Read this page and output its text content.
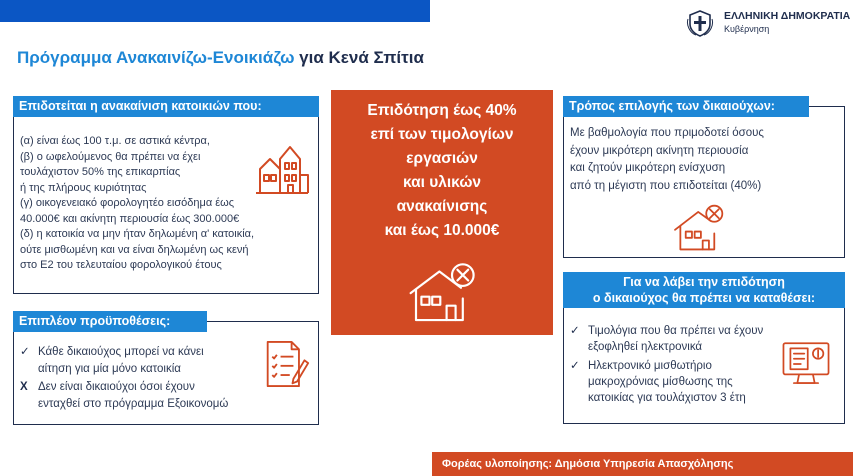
ΕΛΛΗΝΙΚΗ ΔΗΜΟΚΡΑΤΙΑ
Κυβέρνηση
Πρόγραμμα Ανακαινίζω-Ενοικιάζω για Κενά Σπίτια
Επιδοτείται η ανακαίνιση κατοικιών που:

(α) είναι έως 100 τ.μ. σε αστικά κέντρα,

(β) ο ωφελούμενος θα πρέπει να έχει

τουλάχιστον 50% της επικαρπίας

ή της πλήρους κυριότητας

(γ) οικογενειακό φορολογητέο εισόδημα έως

40.000€ και ακίνητη περιουσία έως 300.000€

(δ) η κατοικία να μην ήταν δηλωμένη α' κατοικία,

ούτε μισθωμένη και να είναι δηλωμένη ως κενή

στο Ε2 του τελευταίου φορολογικού έτους

Επιπλέον προϋποθέσεις:
✓ Κάθε δικαιούχος μπορεί να κάνει

αίτηση για μία μόνο κατοικία

Χ Δεν είναι δικαιούχοι όσοι έχουν

ενταχθεί στο πρόγραμμα Εξοικονομώ

Επιδότηση έως 40%

επί των τιμολογίων

εργασιών

και υλικών

ανακαίνισης

και έως 10.000€

Τρόπος επιλογής των δικαιούχων:

Με βαθμολογία που πριμοδοτεί όσους

έχουν μικρότερη ακίνητη περιουσία

και ζητούν μικρότερη ενίσχυση

από τη μέγιστη που επιδοτείται (40%)

Για να λάβει την επιδότηση

ο δικαιούχος θα πρέπει να καταθέσει:

✓ Τιμολόγια που θα πρέπει να έχουν

εξοφληθεί ηλεκτρονικά

✓ Ηλεκτρονικό μισθωτήριο

μακροχρόνιας μίσθωσης της

κατοικίας για τουλάχιστον 3 έτη

Φορέας υλοποίησης: Δημόσια Υπηρεσία Απασχόλησης
